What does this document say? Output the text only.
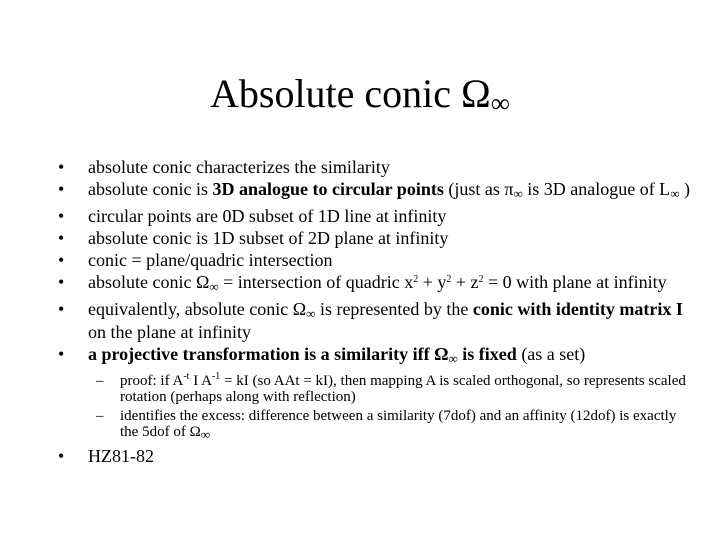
Absolute conic Ω∞
• absolute conic characterizes the similarity
• absolute conic is 3D analogue to circular points (just as π∞ is 3D analogue of L∞ )
• circular points are 0D subset of 1D line at infinity
• absolute conic is 1D subset of 2D plane at infinity
• conic = plane/quadric intersection
• absolute conic Ω∞ = intersection of quadric $x^2 + y^2 + z^2 = 0$ with plane at infinity
• equivalently, absolute conic Ω∞ is represented by the conic with identity matrix I on the plane at infinity
• a projective transformation is a similarity iff Ω∞ is fixed (as a set)
– proof: if $A^{-t}$ I $A^{-1}$ = kI (so AAt = kI), then mapping A is scaled orthogonal, so represents scaled rotation (perhaps along with reflection)
– identifies the excess: difference between a similarity (7dof) and an affinity (12dof) is exactly the 5dof of Ω∞
• HZ81-82
